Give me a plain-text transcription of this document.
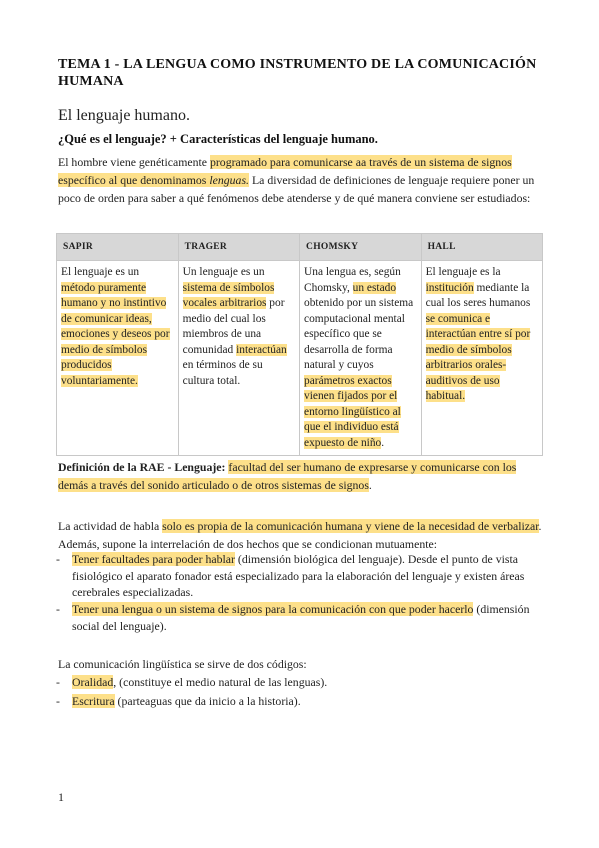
TEMA 1 - LA LENGUA COMO INSTRUMENTO DE LA COMUNICACIÓN HUMANA
El lenguaje humano.
¿Qué es el lenguaje? + Características del lenguaje humano.
El hombre viene genéticamente programado para comunicarse aa través de un sistema de signos específico al que denominamos lenguas. La diversidad de definiciones de lenguaje requiere poner un poco de orden para saber a qué fenómenos debe atenderse y de qué manera conviene ser estudiados:
SAPIR	TRAGER	CHOMSKY	HALL
El lenguaje es un método puramente humano y no instintivo de comunicar ideas, emociones y deseos por medio de símbolos producidos voluntariamente.	Un lenguaje es un sistema de símbolos vocales arbitrarios por medio del cual los miembros de una comunidad interactúan en términos de su cultura total.	Una lengua es, según Chomsky, un estado obtenido por un sistema computacional mental específico que se desarrolla de forma natural y cuyos parámetros exactos vienen fijados por el entorno lingüístico al que el individuo está expuesto de niño.	El lenguaje es la institución mediante la cual los seres humanos se comunica e interactúan entre sí por medio de símbolos arbitrarios orales-auditivos de uso habitual.
Definición de la RAE - Lenguaje: facultad del ser humano de expresarse y comunicarse con los demás a través del sonido articulado o de otros sistemas de signos.
La actividad de habla solo es propia de la comunicación humana y viene de la necesidad de verbalizar. Además, supone la interrelación de dos hechos que se condicionan mutuamente:
-	Tener facultades para poder hablar (dimensión biológica del lenguaje). Desde el punto de vista fisiológico el aparato fonador está especializado para la elaboración del lenguaje y existen áreas cerebrales especializadas.
-	Tener una lengua o un sistema de signos para la comunicación con que poder hacerlo (dimensión social del lenguaje).
La comunicación lingüística se sirve de dos códigos:
-	Oralidad, (constituye el medio natural de las lenguas).
-	Escritura (parteaguas que da inicio a la historia).
1
